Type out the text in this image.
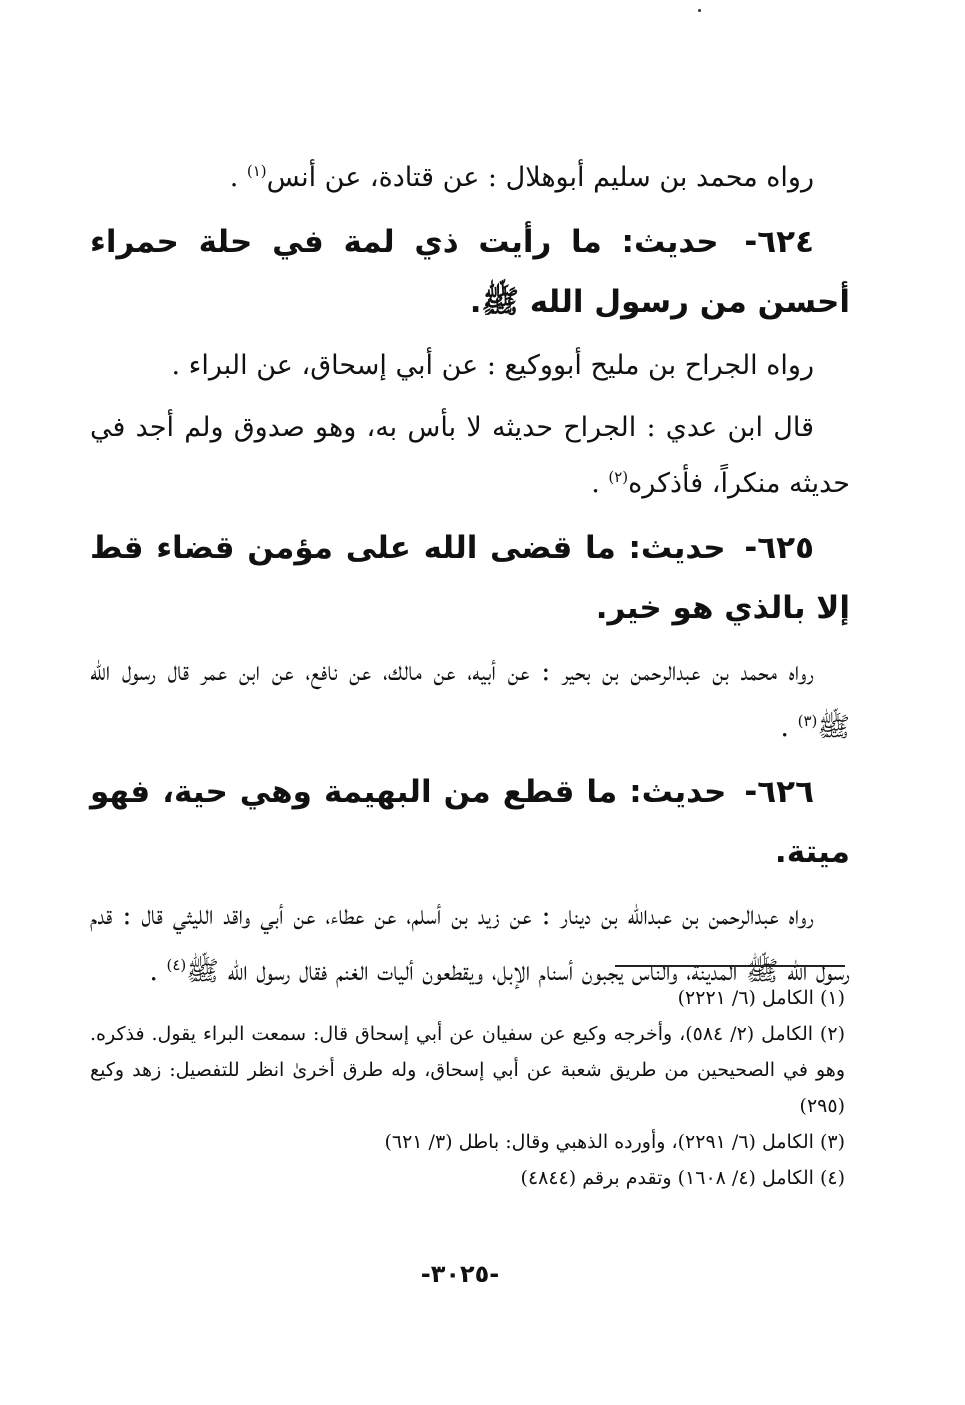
رواه محمد بن سليم أبوهلال : عن قتادة، عن أنس$^{(١)}$ .

٦٢٤- حديث: ما رأيت ذي لمة في حلة حمراء أحسن من رسول الله ﷺ.

رواه الجراح بن مليح أبووكيع : عن أبي إسحاق، عن البراء .

قال ابن عدي : الجراح حديثه لا بأس به، وهو صدوق ولم أجد في حديثه منكراً، فأذكره$^{(٢)}$ .

٦٢٥- حديث: ما قضى الله على مؤمن قضاء قط إلا بالذي هو خير.

رواه محمد بن عبدالرحمن بن بحير : عن أبيه، عن مالك، عن نافع، عن ابن عمر قال رسول الله ﷺ$^{(٣)}$ .

٦٢٦- حديث: ما قطع من البهيمة وهي حية، فهو ميتة.

رواه عبدالرحمن بن عبدالله بن دينار : عن زيد بن أسلم، عن عطاء، عن أبي واقد الليثي قال : قدم رسول الله ﷺ المدينة، والناس يجبون أسنام الإبل، ويقطعون أليات الغنم فقال رسول الله ﷺ$^{(٤)}$ .

(١) الكامل (٦/ ٢٢٢١)

(٢) الكامل (٢/ ٥٨٤)، وأخرجه وكيع عن سفيان عن أبي إسحاق قال: سمعت البراء يقول. فذكره. وهو في الصحيحين من طريق شعبة عن أبي إسحاق، وله طرق أخرىٰ انظر للتفصيل: زهد وكيع (٢٩٥)

(٣) الكامل (٦/ ٢٢٩١)، وأورده الذهبي وقال: باطل (٣/ ٦٢١)

(٤) الكامل (٤/ ١٦٠٨) وتقدم برقم (٤٨٤٤)

-٣٠٢٥-
